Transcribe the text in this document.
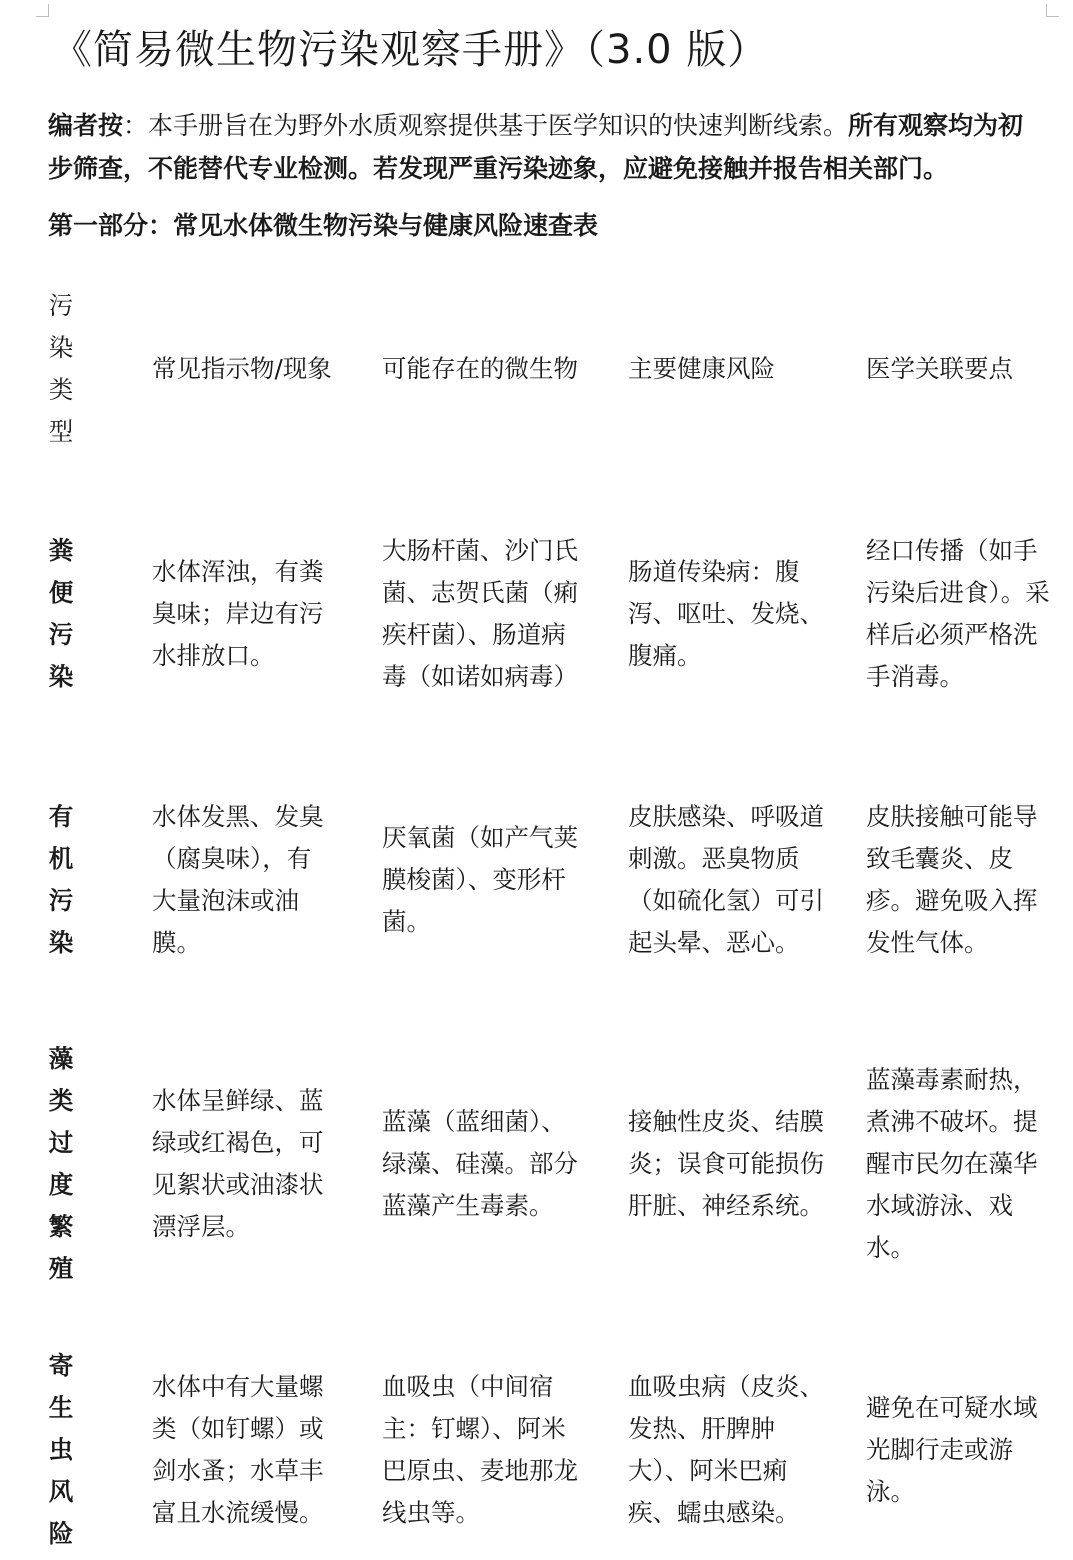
《简易微生物污染观察手册》（3.0 版）
编者按：本手册旨在为野外水质观察提供基于医学知识的快速判断线索。所有观察均为初步筛查，不能替代专业检测。若发现严重污染迹象，应避免接触并报告相关部门。
第一部分：常见水体微生物污染与健康风险速查表
污染类型
常见指示物/现象 可能存在的微生物 主要健康风险	医学关联要点
粪便污染
水体浑浊，有粪臭味；岸边有污水排放口。
大肠杆菌、沙门氏菌、志贺氏菌（痢疾杆菌）、肠道病毒（如诺如病毒）
肠道传染病：腹泻、呕吐、发烧、腹痛。
经口传播（如手污染后进食）。采样后必须严格洗手消毒。
有机污染
水体发黑、发臭（腐臭味），有大量泡沫或油膜。
厌氧菌（如产气荚膜梭菌）、变形杆菌。
皮肤感染、呼吸道刺激。恶臭物质（如硫化氢）可引起头晕、恶心。
皮肤接触可能导致毛囊炎、皮疹。避免吸入挥发性气体。
藻类过度繁殖
水体呈鲜绿、蓝绿或红褐色，可见絮状或油漆状漂浮层。
蓝藻（蓝细菌）、绿藻、硅藻。部分蓝藻产生毒素。
接触性皮炎、结膜炎；误食可能损伤肝脏、神经系统。
蓝藻毒素耐热，煮沸不破坏。提醒市民勿在藻华水域游泳、戏水。
寄生虫风险
水体中有大量螺类（如钉螺）或剑水蚤；水草丰富且水流缓慢。
血吸虫（中间宿主：钉螺）、阿米巴原虫、麦地那龙线虫等。
血吸虫病（皮炎、发热、肝脾肿大）、阿米巴痢疾、蠕虫感染。
避免在可疑水域光脚行走或游泳。
